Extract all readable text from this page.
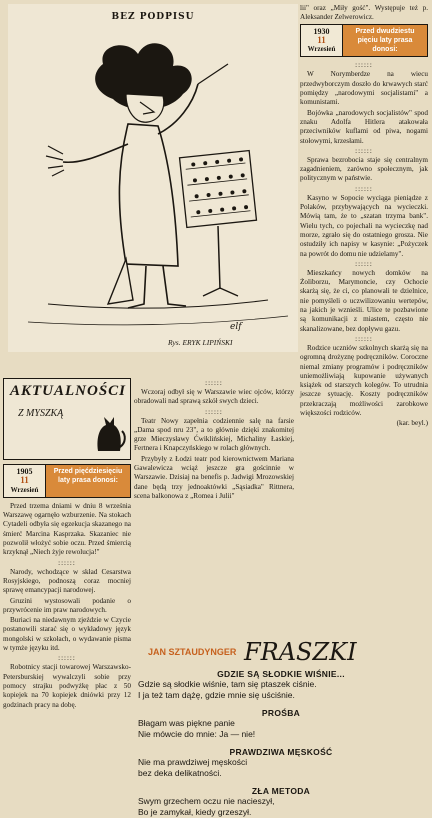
BEZ PODPISU
elf
Rys. ERYK LIPIŃSKI

lii" oraz „Miły gość". Występuje też p. Aleksander Zelwerowicz.

1930
11
Wrzesień
Przed dwudziestu pięciu laty prasa donosi:
::::::

W Norymberdze na wiecu przedwyborczym doszło do krwawych starć pomiędzy „narodowymi socjalistami" a komunistami.

Bojówka „narodowych socjalistów" spod znaku Adolfa Hitlera atakowała przeciwników kuflami od piwa, nogami stołowymi, krzesłami.

::::::

Sprawa bezrobocia staje się centralnym zagadnieniem, zarówno społecznym, jak politycznym w państwie.

::::::

Kasyno w Sopocie wyciąga pieniądze z Polaków, przybywających na wycieczki. Mówią tam, że to „szatan trzyma bank". Wielu tych, co pojechali na wycieczkę nad morze, zgrało się do ostatniego grosza. Nie ostudziły ich napisy w kasynie: „Pożyczek na powrót do domu nie udzielamy".

::::::

Mieszkańcy nowych domków na Żoliborzu, Marymoncie, czy Ochocie skarżą się, że ci, co planowali te dzielnice, nie pomyśleli o uczwilizowaniu wertepów, na jakich je wznieśli. Ulice te pozbawione są komunikacji z miastem, często nie skanalizowane, bez dopływu gazu.

::::::

Rodzice uczniów szkolnych skarżą się na ogromną drożyznę podręczników. Coroczne niemal zmiany programów i podręczników uniemożliwiają kupowanie używanych książek od starszych kolegów. To utrudnia jeszcze sytuację. Koszty podręczników przekraczają możliwości zarobkowe większości rodziców.

(kar. beyl.)

AKTUALNOŚCI
Z MYSZKĄ
1905
11
Wrzesień
Przed pięćdziesięciu laty prasa donosi:

Przed trzema dniami w dniu 8 września Warszawę ogarnęło wzburzenie. Na stokach Cytadeli odbyła się egzekucja skazanego na śmierć Marcina Kasprzaka. Skazaniec nie pozwolił włożyć sobie oczu. Przed śmiercią krzyknął „Niech żyje rewolucja!"

::::::

Narody, wchodzące w skład Cesarstwa Rosyjskiego, podnoszą coraz mocniej sprawę emancypacji narodowej.

Gruzini wystosowali podanie o przywrócenie im praw narodowych.

Buriaci na niedawnym zjeździe w Czycie postanowili starać się o wykładowy język mongolski w szkołach, o wydawanie pisma w tymże języku itd.

::::::

Robotnicy stacji towarowej Warszawsko-Petersburskiej wywalczyli sobie przy pomocy strajku podwyżkę płac z 50 kopiejek na 70 kopiejek dniówki przy 12 godzinach pracy na dobę.

::::::

Wczoraj odbył się w Warszawie wiec ojców, którzy obradowali nad sprawą szkół swych dzieci.

::::::

Teatr Nowy zapełnia codziennie salę na farsie „Dama spod nru 23", a to głównie dzięki znakomitej grze Mieczysławy Ćwiklińskiej, Michaliny Łaskiej, Fertnera i Knapczyńskiego w rolach głównych.

Przybyły z Łodzi teatr pod kierownictwem Mariana Gawalewicza wciąż jeszcze gra gościnnie w Warszawie. Dzisiaj na benefis p. Jadwigi Mrozowskiej dane będą trzy jednoaktówki „Sąsiadka" Rittnera, scena balkonowa z „Romea i Julii"

JAN SZTAUDYNGER FRASZKI
GDZIE SĄ SŁODKIE WIŚNIE...
Gdzie są słodkie wiśnie, tam się ptaszek ciśnie.
I ja też tam dążę, gdzie mnie się uściśnie.
PROŚBA
Błagam was piękne panie
Nie mówcie do mnie: Ja — nie!
PRAWDZIWA MĘSKOŚĆ
Nie ma prawdziwej męskości
bez deka delikatności.
ZŁA METODA
Swym grzechem oczu nie nacieszył,
Bo je zamykał, kiedy grzeszył.
